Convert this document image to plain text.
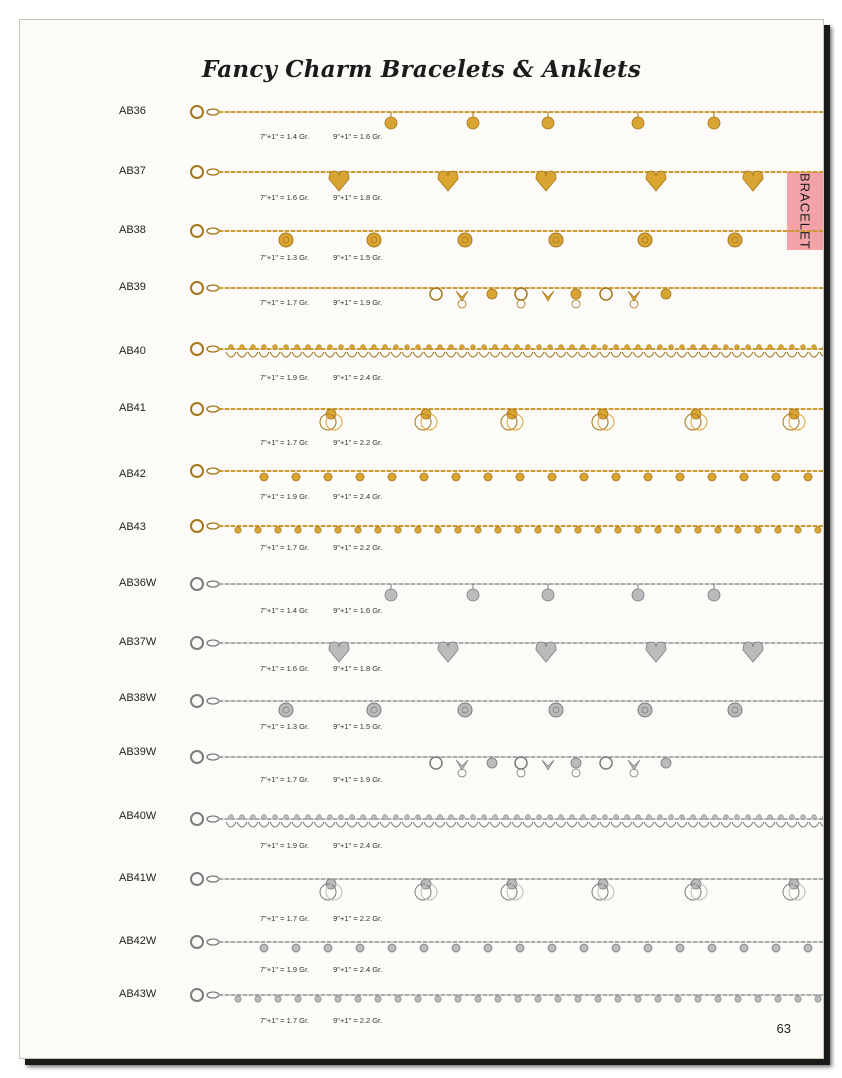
Fancy Charm Bracelets & Anklets
BRACELET
AB36
7"+1" = 1.4 Gr.	9"+1" = 1.6 Gr.
AB37
7"+1" = 1.6 Gr.	9"+1" = 1.8 Gr.
AB38
7"+1" = 1.3 Gr.	9"+1" = 1.5 Gr.
AB39
7"+1" = 1.7 Gr.	9"+1" = 1.9 Gr.
AB40
7"+1" = 1.9 Gr.	9"+1" = 2.4 Gr.
AB41
7"+1" = 1.7 Gr.	9"+1" = 2.2 Gr.
AB42
7"+1" = 1.9 Gr.	9"+1" = 2.4 Gr.
AB43
7"+1" = 1.7 Gr.	9"+1" = 2.2 Gr.
AB36W
7"+1" = 1.4 Gr.	9"+1" = 1.6 Gr.
AB37W
7"+1" = 1.6 Gr.	9"+1" = 1.8 Gr.
AB38W
7"+1" = 1.3 Gr.	9"+1" = 1.5 Gr.
AB39W
7"+1" = 1.7 Gr.	9"+1" = 1.9 Gr.
AB40W
7"+1" = 1.9 Gr.	9"+1" = 2.4 Gr.
AB41W
7"+1" = 1.7 Gr.	9"+1" = 2.2 Gr.
AB42W
7"+1" = 1.9 Gr.	9"+1" = 2.4 Gr.
AB43W
7"+1" = 1.7 Gr.	9"+1" = 2.2 Gr.
63
